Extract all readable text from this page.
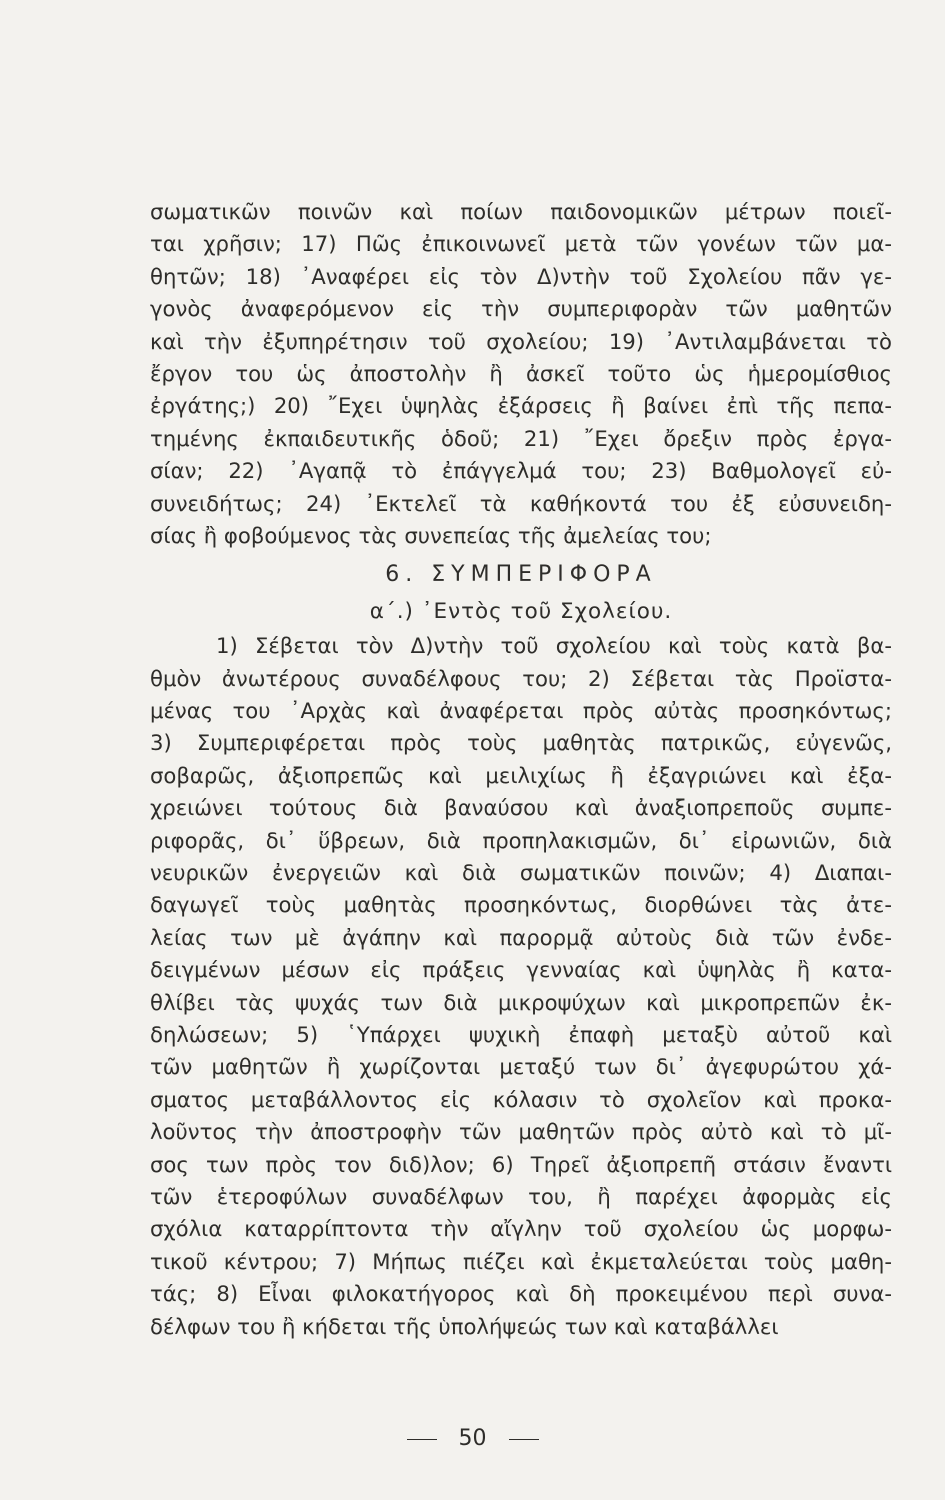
σωματικῶν ποινῶν καὶ ποίων παιδονομικῶν μέτρων ποιεῖ-
ται χρῆσιν; 17) Πῶς ἐπικοινωνεῖ μετὰ τῶν γονέων τῶν μα-
θητῶν; 18) ᾿Αναφέρει εἰς τὸν Δ)ντὴν τοῦ Σχολείου πᾶν γε-
γονὸς ἀναφερόμενον εἰς τὴν συμπεριφορὰν τῶν μαθητῶν
καὶ τὴν ἐξυπηρέτησιν τοῦ σχολείου; 19) ᾿Αντιλαμβάνεται τὸ
ἔργον του ὡς ἀποστολὴν ἢ ἀσκεῖ τοῦτο ὡς ἡμερομίσθιος
ἐργάτης;) 20) ῎Εχει ὑψηλὰς ἐξάρσεις ἢ βαίνει ἐπὶ τῆς πεπα-
τημένης ἐκπαιδευτικῆς ὁδοῦ; 21) ῎Εχει ὄρεξιν πρὸς ἐργα-
σίαν; 22) ᾿Αγαπᾷ τὸ ἐπάγγελμά του; 23) Βαθμολογεῖ εὐ-
συνειδήτως; 24) ᾿Εκτελεῖ τὰ καθήκοντά του ἐξ εὐσυνειδη-
σίας ἢ φοβούμενος τὰς συνεπείας τῆς ἀμελείας του;
6. ΣΥΜΠΕΡΙΦΟΡΑ
α΄.) ᾿Εντὸς τοῦ Σχολείου.
1) Σέβεται τὸν Δ)ντὴν τοῦ σχολείου καὶ τοὺς κατὰ βα-
θμὸν ἀνωτέρους συναδέλφους του; 2) Σέβεται τὰς Προϊστα-
μένας του ᾿Αρχὰς καὶ ἀναφέρεται πρὸς αὐτὰς προσηκόντως;
3) Συμπεριφέρεται πρὸς τοὺς μαθητὰς πατρικῶς, εὐγενῶς,
σοβαρῶς, ἀξιοπρεπῶς καὶ μειλιχίως ἢ ἐξαγριώνει καὶ ἐξα-
χρειώνει τούτους διὰ βαναύσου καὶ ἀναξιοπρεποῦς συμπε-
ριφορᾶς, δι᾿ ὕβρεων, διὰ προπηλακισμῶν, δι᾿ εἰρωνιῶν, διὰ
νευρικῶν ἐνεργειῶν καὶ διὰ σωματικῶν ποινῶν; 4) Διαπαι-
δαγωγεῖ τοὺς μαθητὰς προσηκόντως, διορθώνει τὰς ἀτε-
λείας των μὲ ἀγάπην καὶ παρορμᾷ αὐτοὺς διὰ τῶν ἐνδε-
δειγμένων μέσων εἰς πράξεις γενναίας καὶ ὑψηλὰς ἢ κατα-
θλίβει τὰς ψυχάς των διὰ μικροψύχων καὶ μικροπρεπῶν ἐκ-
δηλώσεων; 5) ῾Υπάρχει ψυχικὴ ἐπαφὴ μεταξὺ αὐτοῦ καὶ
τῶν μαθητῶν ἢ χωρίζονται μεταξύ των δι᾿ ἀγεφυρώτου χά-
σματος μεταβάλλοντος εἰς κόλασιν τὸ σχολεῖον καὶ προκα-
λοῦντος τὴν ἀποστροφὴν τῶν μαθητῶν πρὸς αὐτὸ καὶ τὸ μῖ-
σος των πρὸς τον διδ)λον; 6) Τηρεῖ ἀξιοπρεπῆ στάσιν ἔναντι
τῶν ἑτεροφύλων συναδέλφων του, ἢ παρέχει ἀφορμὰς εἰς
σχόλια καταρρίπτοντα τὴν αἴγλην τοῦ σχολείου ὡς μορφω-
τικοῦ κέντρου; 7) Μήπως πιέζει καὶ ἐκμεταλεύεται τοὺς μαθη-
τάς; 8) Εἶναι φιλοκατήγορος καὶ δὴ προκειμένου περὶ συνα-
δέλφων του ἢ κήδεται τῆς ὑπολήψεώς των καὶ καταβάλλει
50
